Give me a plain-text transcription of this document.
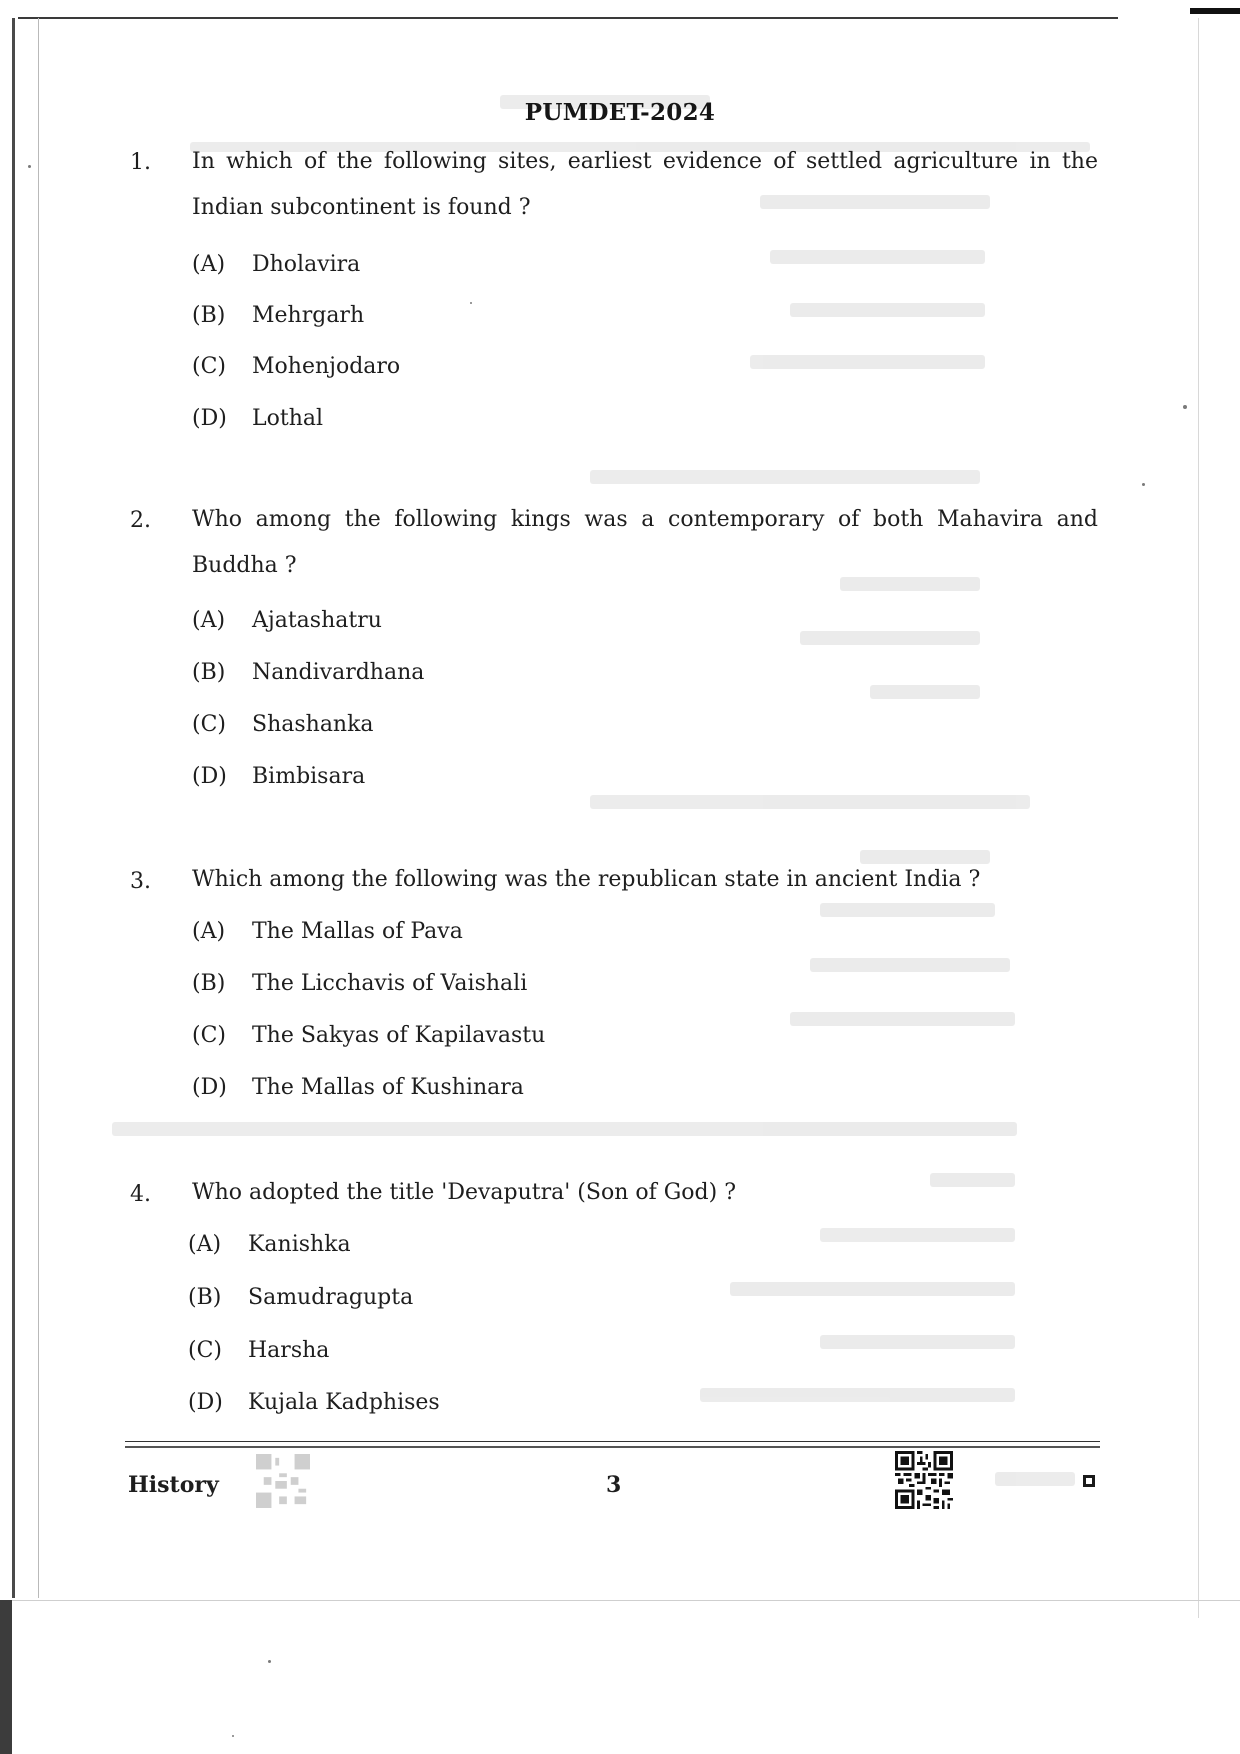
PUMDET-2024
1. In which of the following sites, earliest evidence of settled agriculture in the Indian subcontinent is found ?
(A) Dholavira
(B) Mehrgarh
(C) Mohenjodaro
(D) Lothal
2. Who among the following kings was a contemporary of both Mahavira and Buddha ?
(A) Ajatashatru
(B) Nandivardhana
(C) Shashanka
(D) Bimbisara
3. Which among the following was the republican state in ancient India ?
(A) The Mallas of Pava
(B) The Licchavis of Vaishali
(C) The Sakyas of Kapilavastu
(D) The Mallas of Kushinara
4. Who adopted the title 'Devaputra' (Son of God) ?
(A) Kanishka
(B) Samudragupta
(C) Harsha
(D) Kujala Kadphises
History	3
